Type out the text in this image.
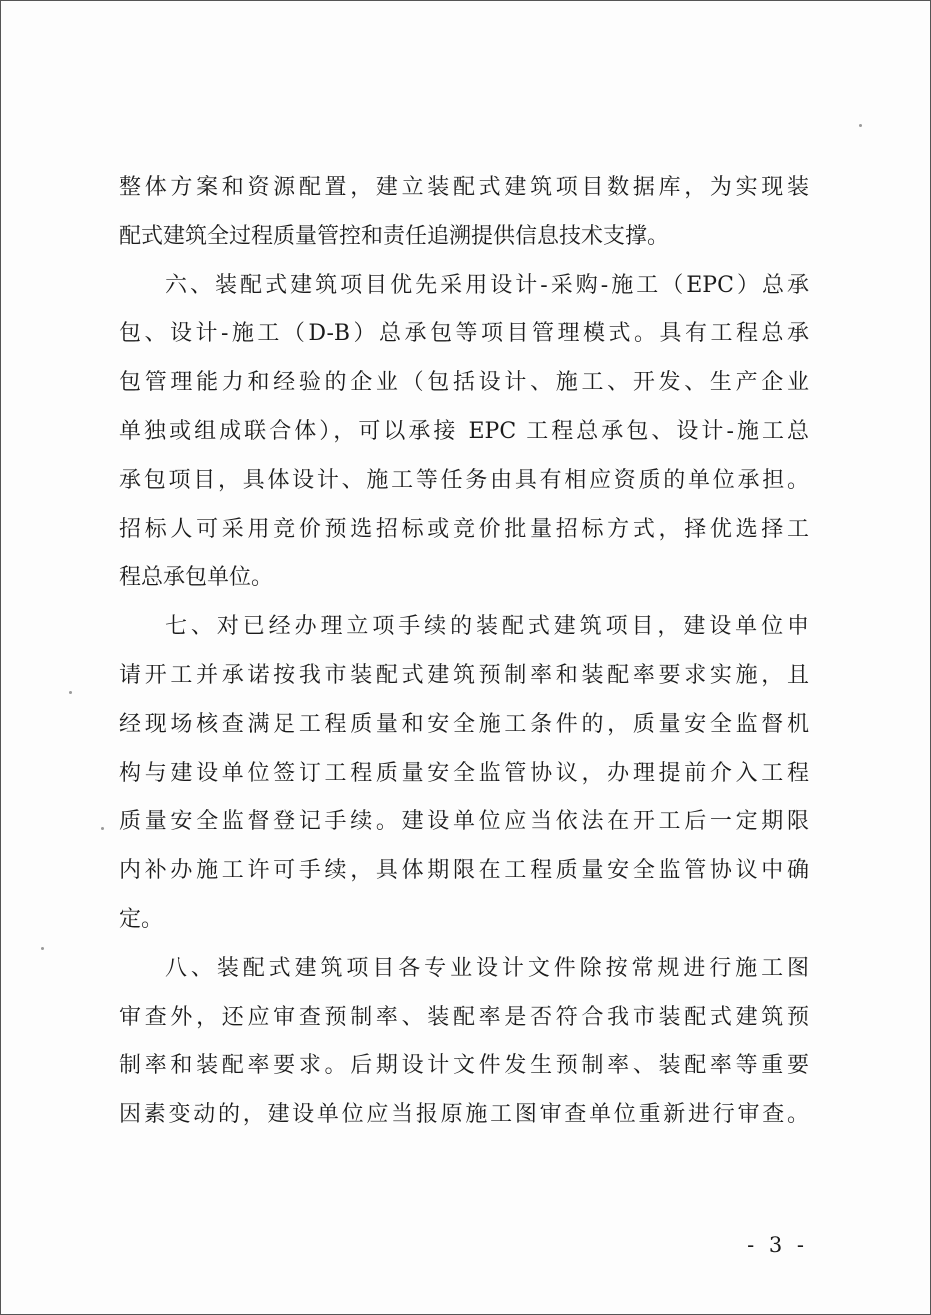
整体方案和资源配置，建立装配式建筑项目数据库，为实现装
配式建筑全过程质量管控和责任追溯提供信息技术支撑。
六、装配式建筑项目优先采用设计-采购-施工（EPC）总承
包、设计-施工（D-B）总承包等项目管理模式。具有工程总承
包管理能力和经验的企业（包括设计、施工、开发、生产企业
单独或组成联合体），可以承接 EPC 工程总承包、设计-施工总
承包项目，具体设计、施工等任务由具有相应资质的单位承担。
招标人可采用竞价预选招标或竞价批量招标方式，择优选择工
程总承包单位。
七、对已经办理立项手续的装配式建筑项目，建设单位申
请开工并承诺按我市装配式建筑预制率和装配率要求实施，且
经现场核查满足工程质量和安全施工条件的，质量安全监督机
构与建设单位签订工程质量安全监管协议，办理提前介入工程
质量安全监督登记手续。建设单位应当依法在开工后一定期限
内补办施工许可手续，具体期限在工程质量安全监管协议中确
定。
八、装配式建筑项目各专业设计文件除按常规进行施工图
审查外，还应审查预制率、装配率是否符合我市装配式建筑预
制率和装配率要求。后期设计文件发生预制率、装配率等重要
因素变动的，建设单位应当报原施工图审查单位重新进行审查。
- 3 -
